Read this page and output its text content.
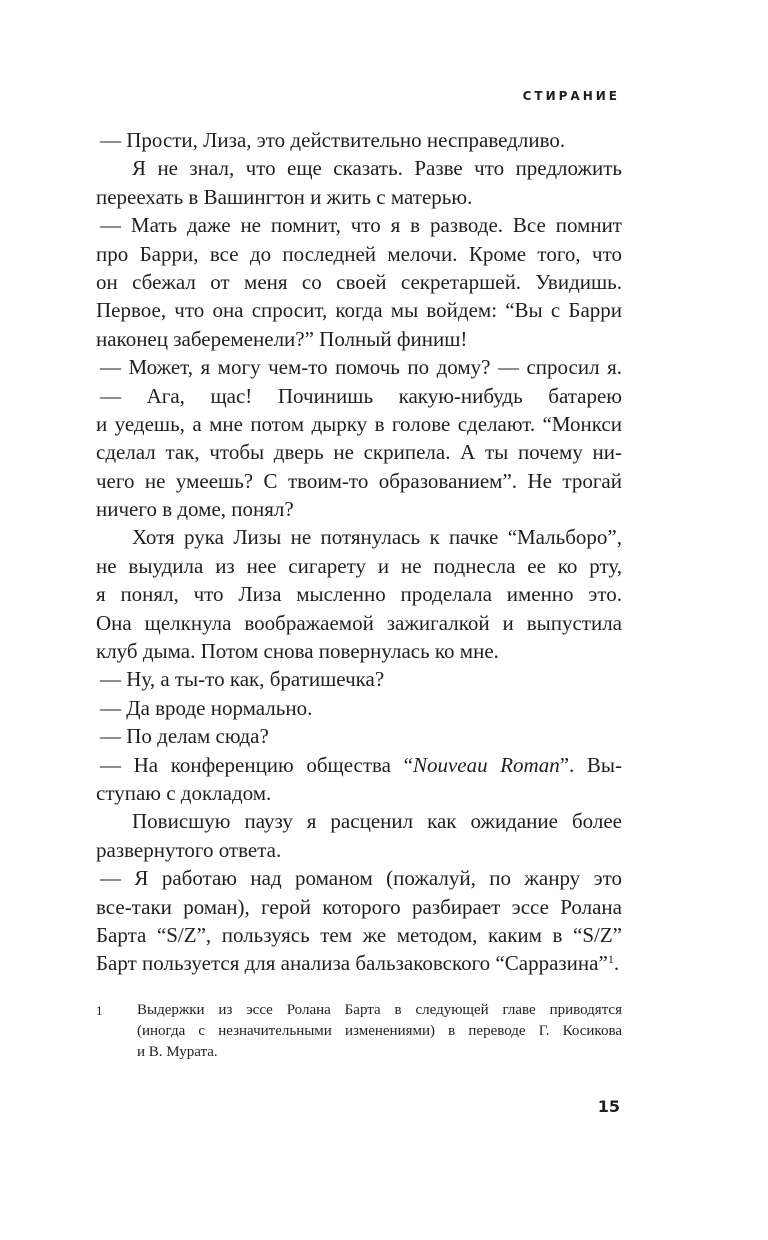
СТИРАНИЕ
— Прости, Лиза, это действительно несправедливо.
Я не знал, что еще сказать. Разве что предложить
переехать в Вашингтон и жить с матерью.
— Мать даже не помнит, что я в разводе. Все помнит
про Барри, все до последней мелочи. Кроме того, что
он сбежал от меня со своей секретаршей. Увидишь.
Первое, что она спросит, когда мы войдем: “Вы с Барри
наконец забеременели?” Полный финиш!
— Может, я могу чем-то помочь по дому? — спросил я.
— Ага, щас! Починишь какую-нибудь батарею
и уедешь, а мне потом дырку в голове сделают. “Монкси
сделал так, чтобы дверь не скрипела. А ты почему ни-
чего не умеешь? С твоим-то образованием”. Не трогай
ничего в доме, понял?
Хотя рука Лизы не потянулась к пачке “Мальборо”,
не выудила из нее сигарету и не поднесла ее ко рту,
я понял, что Лиза мысленно проделала именно это.
Она щелкнула воображаемой зажигалкой и выпустила
клуб дыма. Потом снова повернулась ко мне.
— Ну, а ты-то как, братишечка?
— Да вроде нормально.
— По делам сюда?
— На конференцию общества “Nouveau Roman”. Вы-
ступаю с докладом.
Повисшую паузу я расценил как ожидание более
развернутого ответа.
— Я работаю над романом (пожалуй, по жанру это
все-таки роман), герой которого разбирает эссе Ролана
Барта “S/Z”, пользуясь тем же методом, каким в “S/Z”
Барт пользуется для анализа бальзаковского “Сарразина”$^1$.
1 Выдержки из эссе Ролана Барта в следующей главе приводятся
(иногда с незначительными изменениями) в переводе Г. Косикова
и В. Мурата.
15
